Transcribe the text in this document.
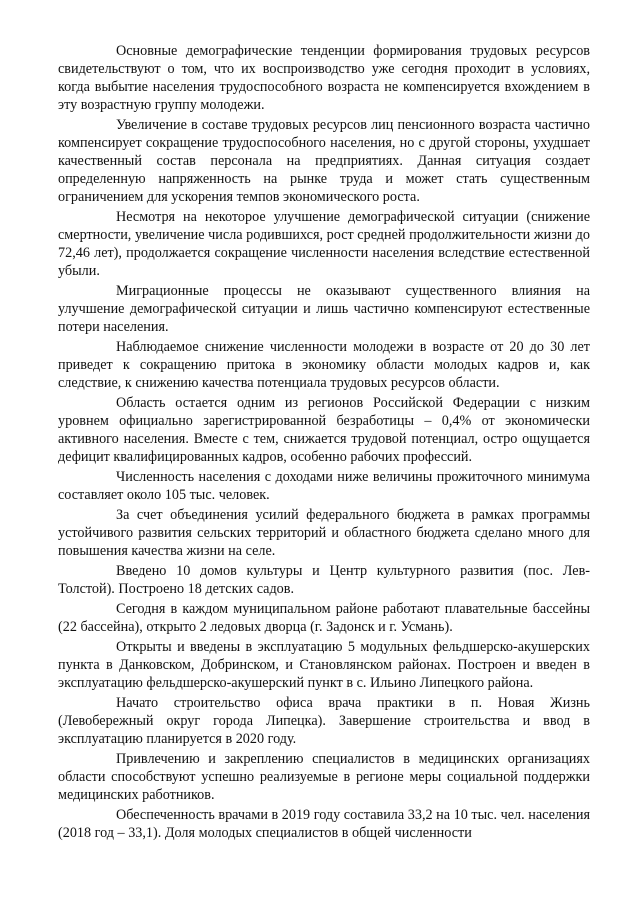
Основные демографические тенденции формирования трудовых ресурсов свидетельствуют о том, что их воспроизводство уже сегодня проходит в условиях, когда выбытие населения трудоспособного возраста не компенсируется вхождением в эту возрастную группу молодежи.

Увеличение в составе трудовых ресурсов лиц пенсионного возраста частично компенсирует сокращение трудоспособного населения, но с другой стороны, ухудшает качественный состав персонала на предприятиях. Данная ситуация создает определенную напряженность на рынке труда и может стать существенным ограничением для ускорения темпов экономического роста.

Несмотря на некоторое улучшение демографической ситуации (снижение смертности, увеличение числа родившихся, рост средней продолжительности жизни до 72,46 лет), продолжается сокращение численности населения вследствие естественной убыли.

Миграционные процессы не оказывают существенного влияния на улучшение демографической ситуации и лишь частично компенсируют естественные потери населения.

Наблюдаемое снижение численности молодежи в возрасте от 20 до 30 лет приведет к сокращению притока в экономику области молодых кадров и, как следствие, к снижению качества потенциала трудовых ресурсов области.

Область остается одним из регионов Российской Федерации с низким уровнем официально зарегистрированной безработицы – 0,4% от экономически активного населения. Вместе с тем, снижается трудовой потенциал, остро ощущается дефицит квалифицированных кадров, особенно рабочих профессий.

Численность населения с доходами ниже величины прожиточного минимума составляет около 105 тыс. человек.

За счет объединения усилий федерального бюджета в рамках программы устойчивого развития сельских территорий и областного бюджета сделано много для повышения качества жизни на селе.

Введено 10 домов культуры и Центр культурного развития (пос. Лев-Толстой). Построено 18 детских садов.

Сегодня в каждом муниципальном районе работают плавательные бассейны (22 бассейна), открыто 2 ледовых дворца (г. Задонск и г. Усмань).

Открыты и введены в эксплуатацию 5 модульных фельдшерско-акушерских пункта в Данковском, Добринском, и Становлянском районах. Построен и введен в эксплуатацию фельдшерско-акушерский пункт в с. Ильино Липецкого района.

Начато строительство офиса врача практики в п. Новая Жизнь (Левобережный округ города Липецка). Завершение строительства и ввод в эксплуатацию планируется в 2020 году.

Привлечению и закреплению специалистов в медицинских организациях области способствуют успешно реализуемые в регионе меры социальной поддержки медицинских работников.

Обеспеченность врачами в 2019 году составила 33,2 на 10 тыс. чел. населения (2018 год – 33,1). Доля молодых специалистов в общей численности
